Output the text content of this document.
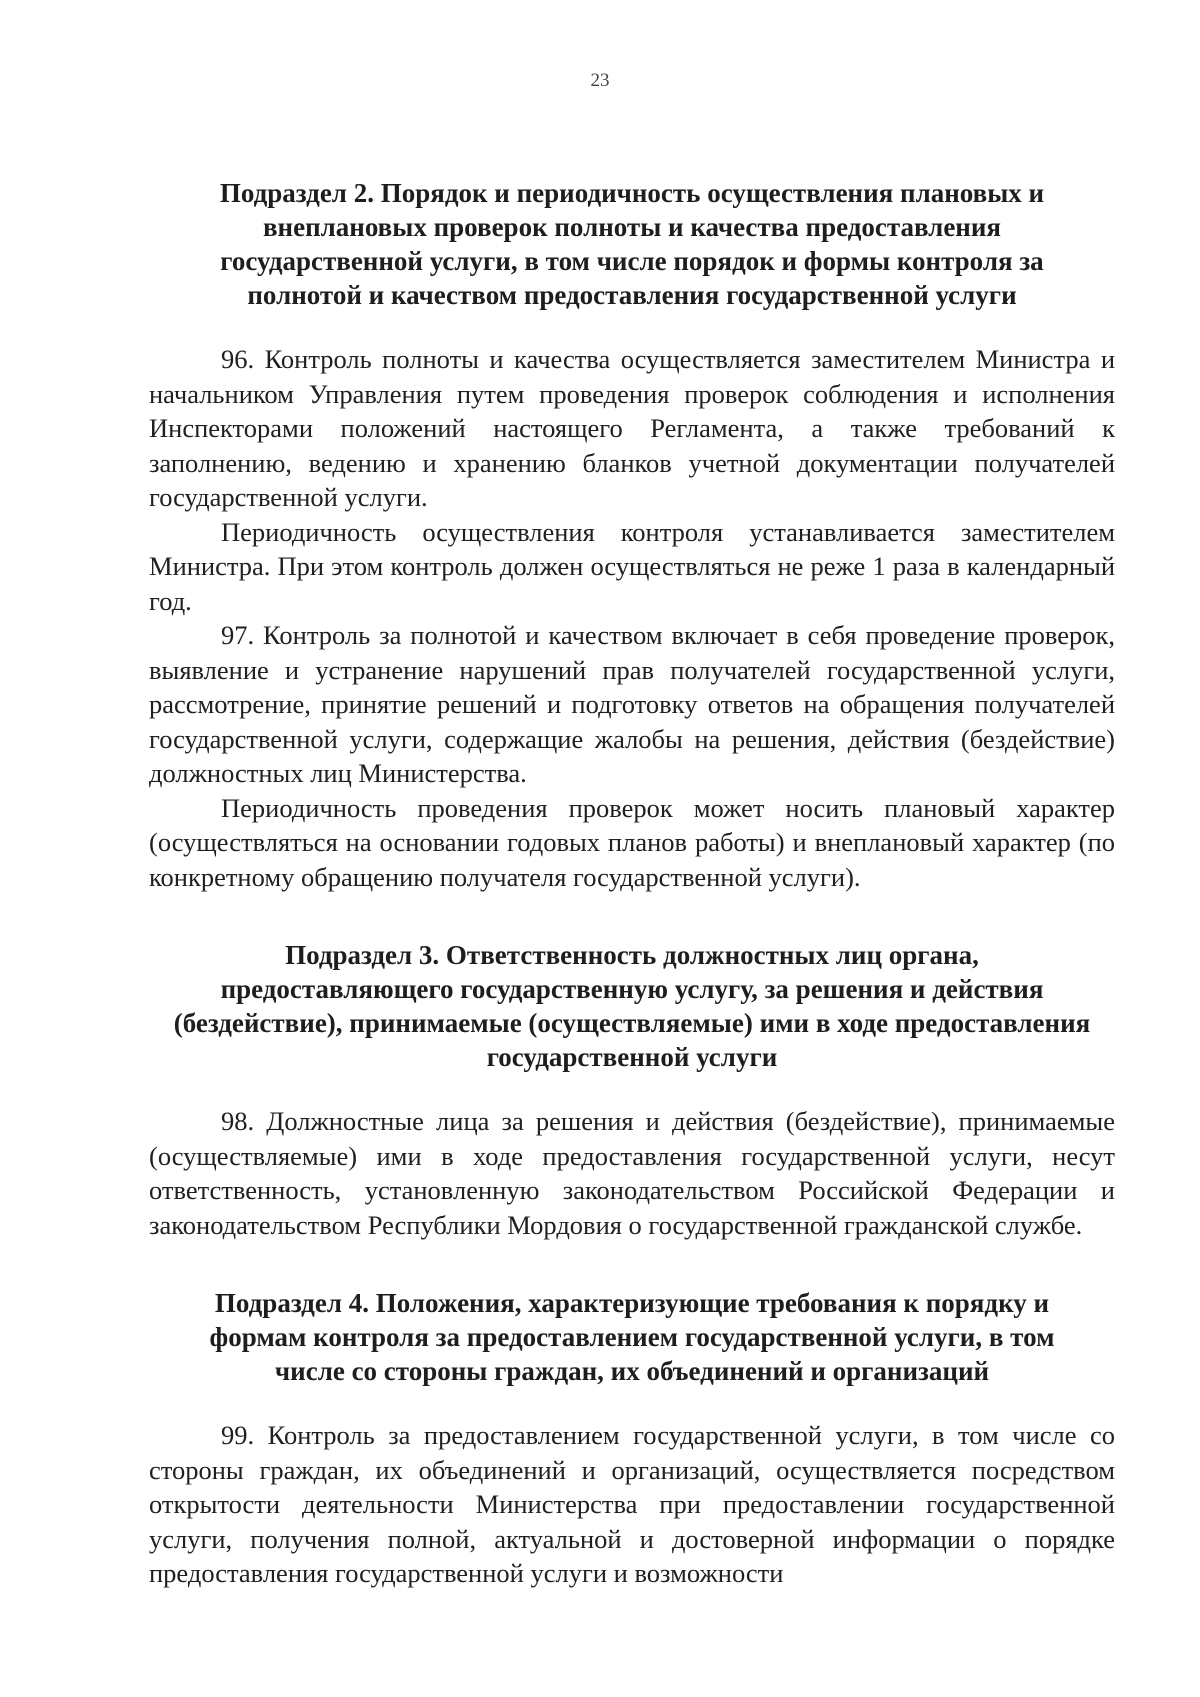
23
Подраздел 2. Порядок и периодичность осуществления плановых и
внеплановых проверок полноты и качества предоставления
государственной услуги, в том числе порядок и формы контроля за
полнотой и качеством предоставления государственной услуги

96. Контроль полноты и качества осуществляется заместителем Министра и начальником Управления путем проведения проверок соблюдения и исполнения Инспекторами положений настоящего Регламента, а также требований к заполнению, ведению и хранению бланков учетной документации получателей государственной услуги.

Периодичность осуществления контроля устанавливается заместителем Министра. При этом контроль должен осуществляться не реже 1 раза в календарный год.

97. Контроль за полнотой и качеством включает в себя проведение проверок, выявление и устранение нарушений прав получателей государственной услуги, рассмотрение, принятие решений и подготовку ответов на обращения получателей государственной услуги, содержащие жалобы на решения, действия (бездействие) должностных лиц Министерства.

Периодичность проведения проверок может носить плановый характер (осуществляться на основании годовых планов работы) и внеплановый характер (по конкретному обращению получателя государственной услуги).

Подраздел 3. Ответственность должностных лиц органа,
предоставляющего государственную услугу, за решения и действия
(бездействие), принимаемые (осуществляемые) ими в ходе предоставления
государственной услуги

98. Должностные лица за решения и действия (бездействие), принимаемые (осуществляемые) ими в ходе предоставления государственной услуги, несут ответственность, установленную законодательством Российской Федерации и законодательством Республики Мордовия о государственной гражданской службе.

Подраздел 4. Положения, характеризующие требования к порядку и
формам контроля за предоставлением государственной услуги, в том
числе со стороны граждан, их объединений и организаций

99. Контроль за предоставлением государственной услуги, в том числе со стороны граждан, их объединений и организаций, осуществляется посредством открытости деятельности Министерства при предоставлении государственной услуги, получения полной, актуальной и достоверной информации о порядке предоставления государственной услуги и возможности
